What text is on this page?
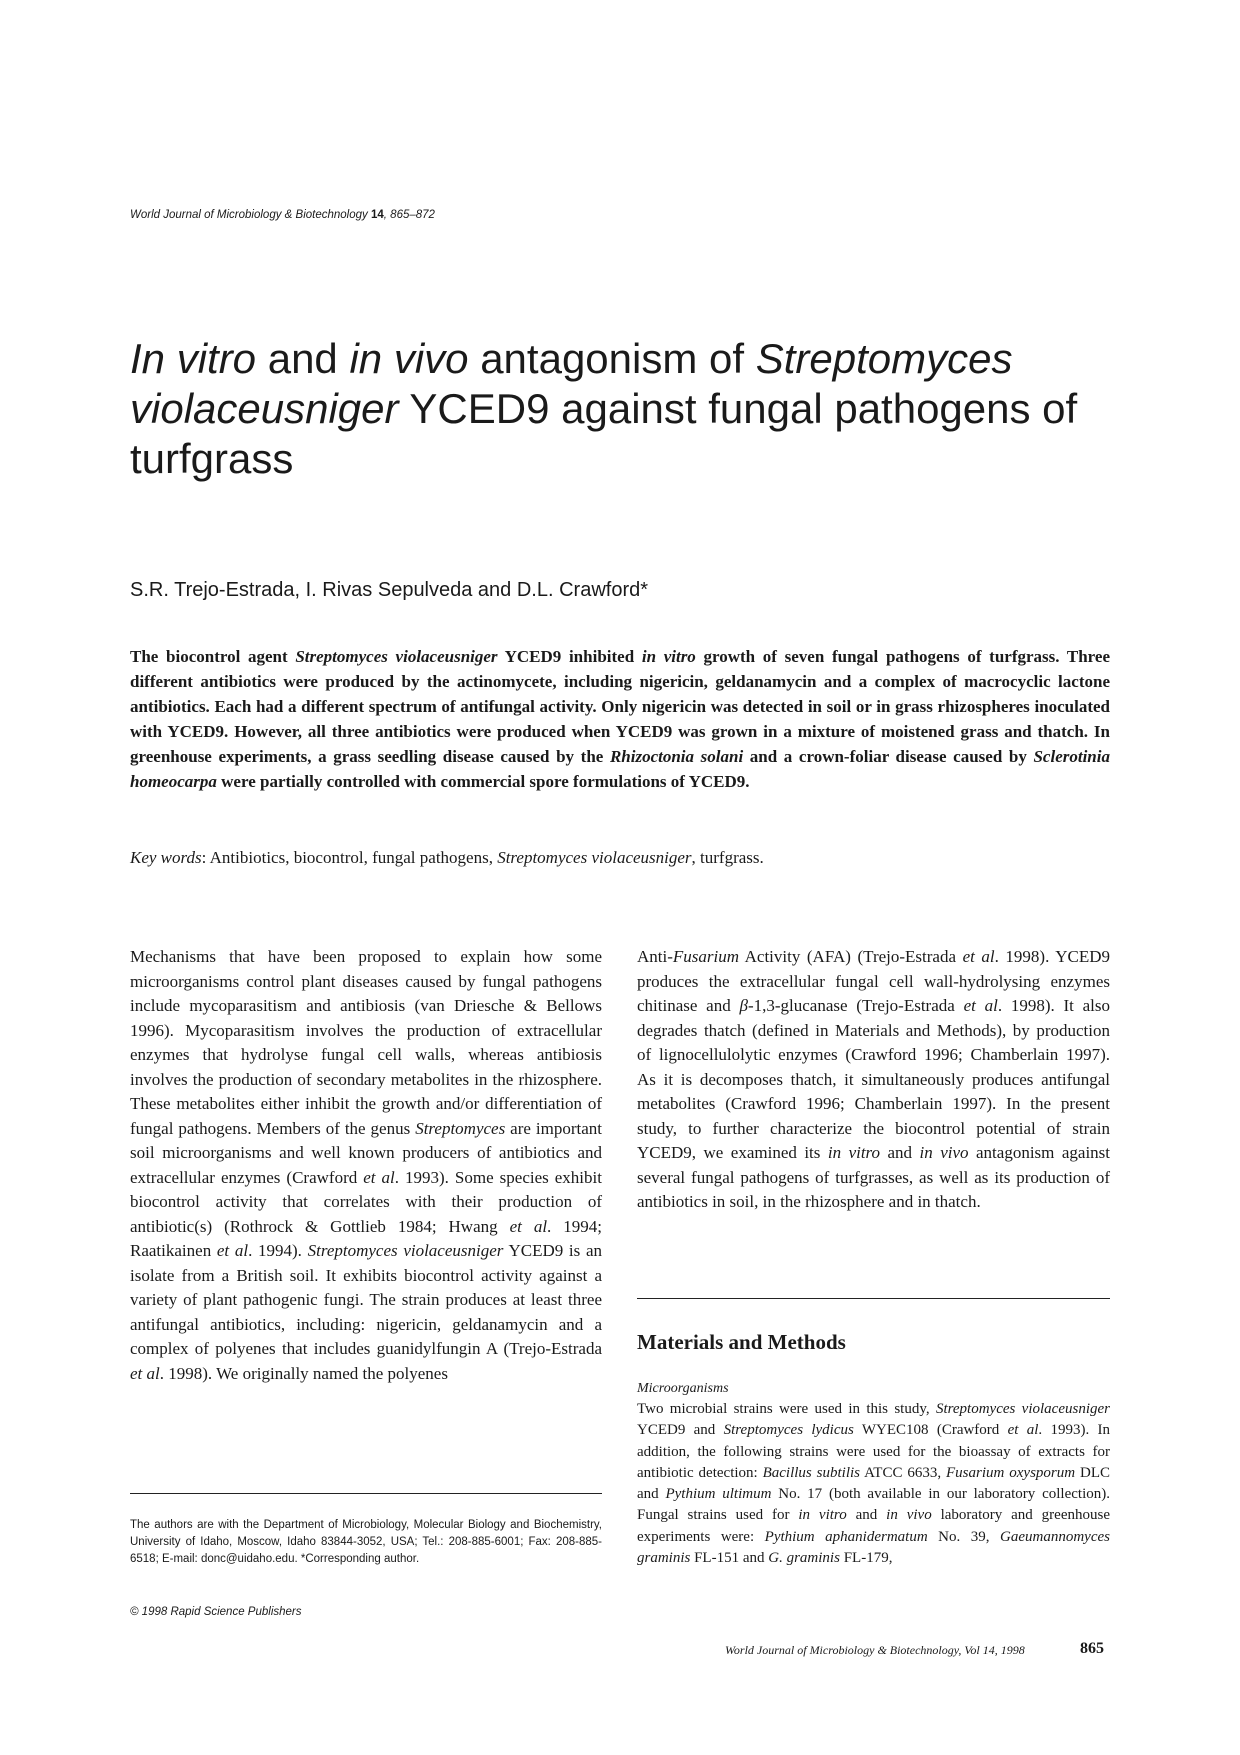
World Journal of Microbiology & Biotechnology 14, 865–872
In vitro and in vivo antagonism of Streptomyces violaceusniger YCED9 against fungal pathogens of turfgrass
S.R. Trejo-Estrada, I. Rivas Sepulveda and D.L. Crawford*

The biocontrol agent Streptomyces violaceusniger YCED9 inhibited in vitro growth of seven fungal pathogens of turfgrass. Three different antibiotics were produced by the actinomycete, including nigericin, geldanamycin and a complex of macrocyclic lactone antibiotics. Each had a different spectrum of antifungal activity. Only nigericin was detected in soil or in grass rhizospheres inoculated with YCED9. However, all three antibiotics were produced when YCED9 was grown in a mixture of moistened grass and thatch. In greenhouse experiments, a grass seedling disease caused by the Rhizoctonia solani and a crown-foliar disease caused by Sclerotinia homeocarpa were partially controlled with commercial spore formulations of YCED9.

Key words: Antibiotics, biocontrol, fungal pathogens, Streptomyces violaceusniger, turfgrass.

Mechanisms that have been proposed to explain how some microorganisms control plant diseases caused by fungal pathogens include mycoparasitism and antibiosis (van Driesche & Bellows 1996). Mycoparasitism involves the production of extracellular enzymes that hydrolyse fungal cell walls, whereas antibiosis involves the production of secondary metabolites in the rhizosphere. These metabolites either inhibit the growth and/or differentiation of fungal pathogens. Members of the genus Streptomyces are important soil microorganisms and well known producers of antibiotics and extracellular enzymes (Crawford et al. 1993). Some species exhibit biocontrol activity that correlates with their production of antibiotic(s) (Rothrock & Gottlieb 1984; Hwang et al. 1994; Raatikainen et al. 1994). Streptomyces violaceusniger YCED9 is an isolate from a British soil. It exhibits biocontrol activity against a variety of plant pathogenic fungi. The strain produces at least three antifungal antibiotics, including: nigericin, geldanamycin and a complex of polyenes that includes guanidylfungin A (Trejo-Estrada et al. 1998). We originally named the polyenes

Anti-Fusarium Activity (AFA) (Trejo-Estrada et al. 1998). YCED9 produces the extracellular fungal cell wall-hydrolysing enzymes chitinase and β-1,3-glucanase (Trejo-Estrada et al. 1998). It also degrades thatch (defined in Materials and Methods), by production of lignocellulolytic enzymes (Crawford 1996; Chamberlain 1997). As it is decomposes thatch, it simultaneously produces antifungal metabolites (Crawford 1996; Chamberlain 1997). In the present study, to further characterize the biocontrol potential of strain YCED9, we examined its in vitro and in vivo antagonism against several fungal pathogens of turfgrasses, as well as its production of antibiotics in soil, in the rhizosphere and in thatch.

The authors are with the Department of Microbiology, Molecular Biology and Biochemistry, University of Idaho, Moscow, Idaho 83844-3052, USA; Tel.: 208-885-6001; Fax: 208-885-6518; E-mail: donc@uidaho.edu. *Corresponding author.

© 1998 Rapid Science Publishers
Materials and Methods

Microorganisms

Two microbial strains were used in this study, Streptomyces violaceusniger YCED9 and Streptomyces lydicus WYEC108 (Crawford et al. 1993). In addition, the following strains were used for the bioassay of extracts for antibiotic detection: Bacillus subtilis ATCC 6633, Fusarium oxysporum DLC and Pythium ultimum No. 17 (both available in our laboratory collection). Fungal strains used for in vitro and in vivo laboratory and greenhouse experiments were: Pythium aphanidermatum No. 39, Gaeumannomyces graminis FL-151 and G. graminis FL-179,

World Journal of Microbiology & Biotechnology, Vol 14, 1998	865
